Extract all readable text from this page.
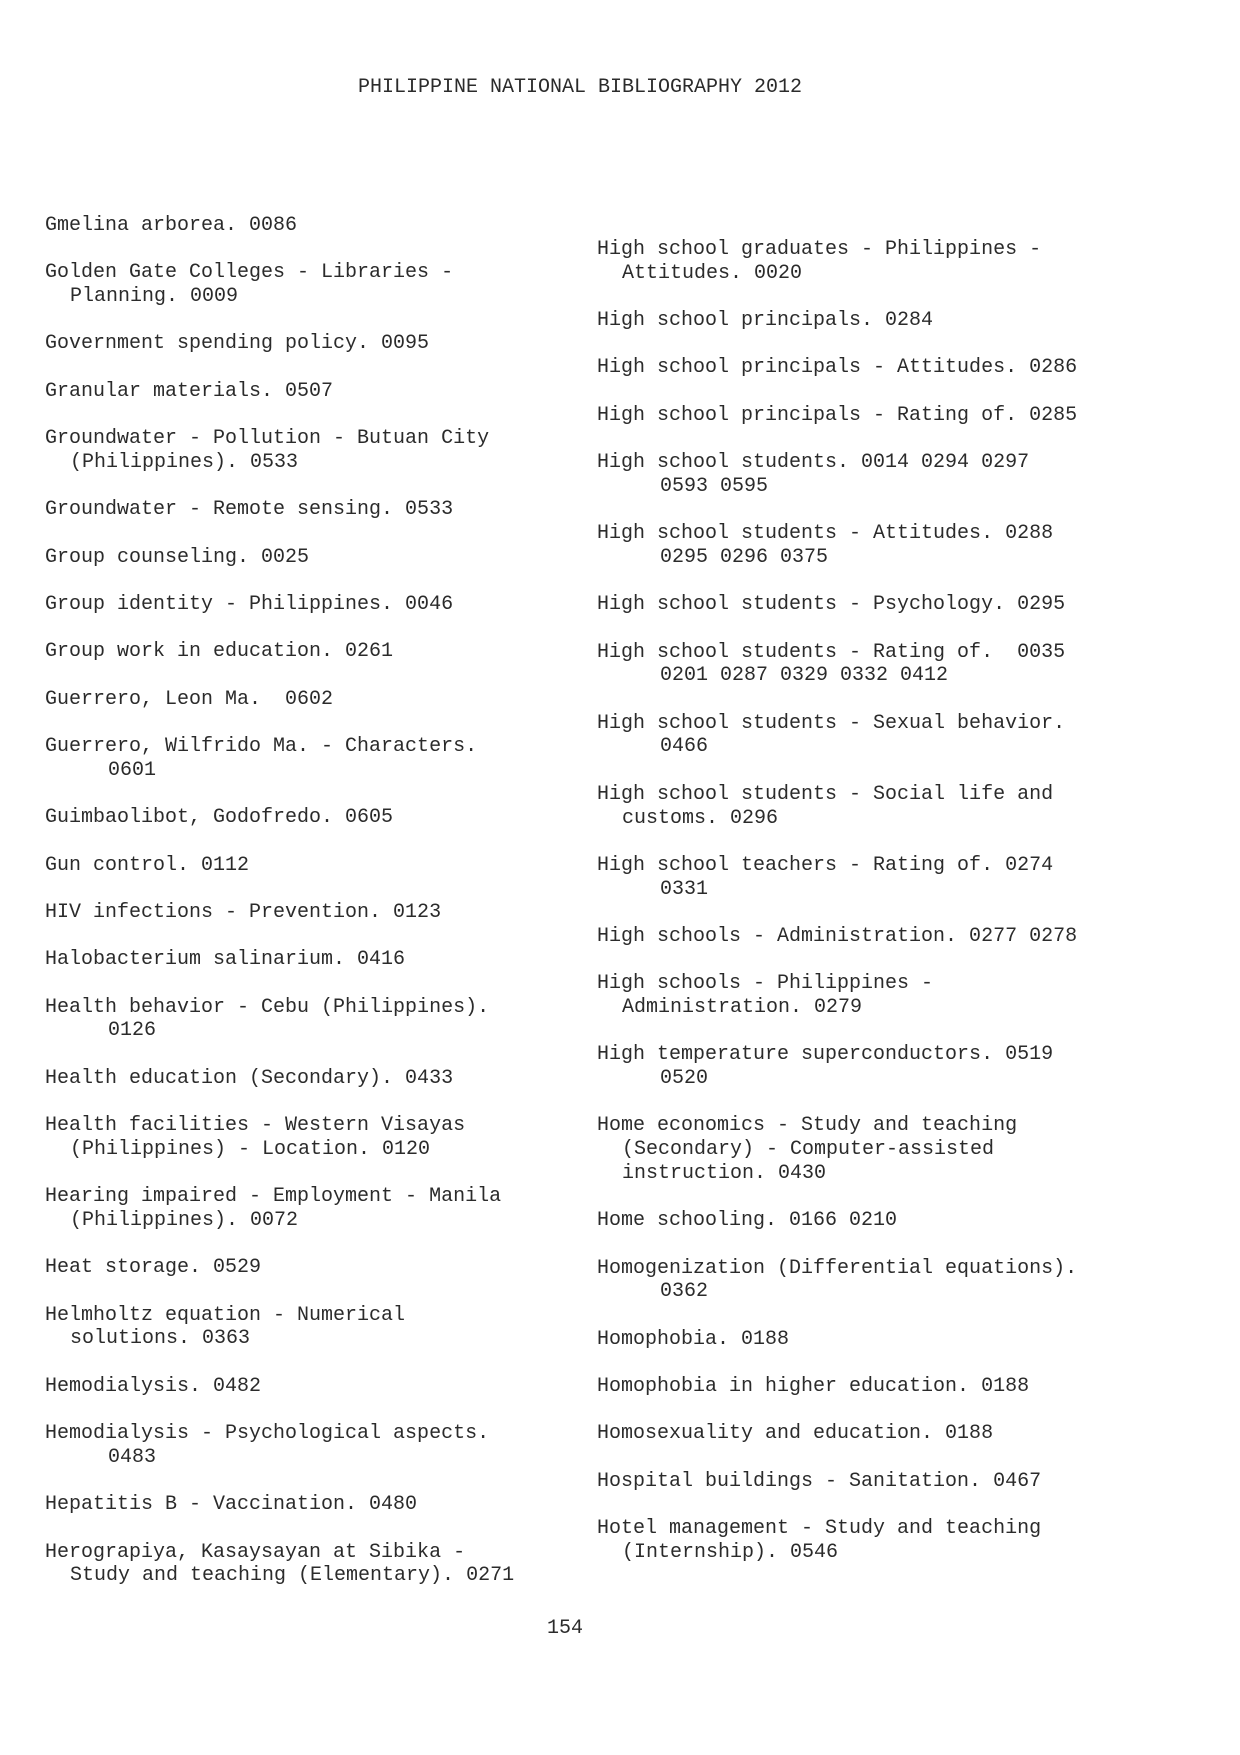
PHILIPPINE NATIONAL BIBLIOGRAPHY 2012
Gmelina arborea. 0086
Golden Gate Colleges - Libraries -
Planning. 0009
Government spending policy. 0095
Granular materials. 0507
Groundwater - Pollution - Butuan City
(Philippines). 0533
Groundwater - Remote sensing. 0533
Group counseling. 0025
Group identity - Philippines. 0046
Group work in education. 0261
Guerrero, Leon Ma.  0602
Guerrero, Wilfrido Ma. - Characters.
0601
Guimbaolibot, Godofredo. 0605
Gun control. 0112
HIV infections - Prevention. 0123
Halobacterium salinarium. 0416
Health behavior - Cebu (Philippines).
0126
Health education (Secondary). 0433
Health facilities - Western Visayas
(Philippines) - Location. 0120
Hearing impaired - Employment - Manila
(Philippines). 0072
Heat storage. 0529
Helmholtz equation - Numerical
solutions. 0363
Hemodialysis. 0482
Hemodialysis - Psychological aspects.
0483
Hepatitis B - Vaccination. 0480
Herograpiya, Kasaysayan at Sibika -
Study and teaching (Elementary). 0271
High school graduates - Philippines -
Attitudes. 0020
High school principals. 0284
High school principals - Attitudes. 0286
High school principals - Rating of. 0285
High school students. 0014 0294 0297
0593 0595
High school students - Attitudes. 0288
0295 0296 0375
High school students - Psychology. 0295
High school students - Rating of.  0035
0201 0287 0329 0332 0412
High school students - Sexual behavior.
0466
High school students - Social life and
customs. 0296
High school teachers - Rating of. 0274
0331
High schools - Administration. 0277 0278
High schools - Philippines -
Administration. 0279
High temperature superconductors. 0519
0520
Home economics - Study and teaching
(Secondary) - Computer-assisted
instruction. 0430
Home schooling. 0166 0210
Homogenization (Differential equations).
0362
Homophobia. 0188
Homophobia in higher education. 0188
Homosexuality and education. 0188
Hospital buildings - Sanitation. 0467
Hotel management - Study and teaching
(Internship). 0546
154
